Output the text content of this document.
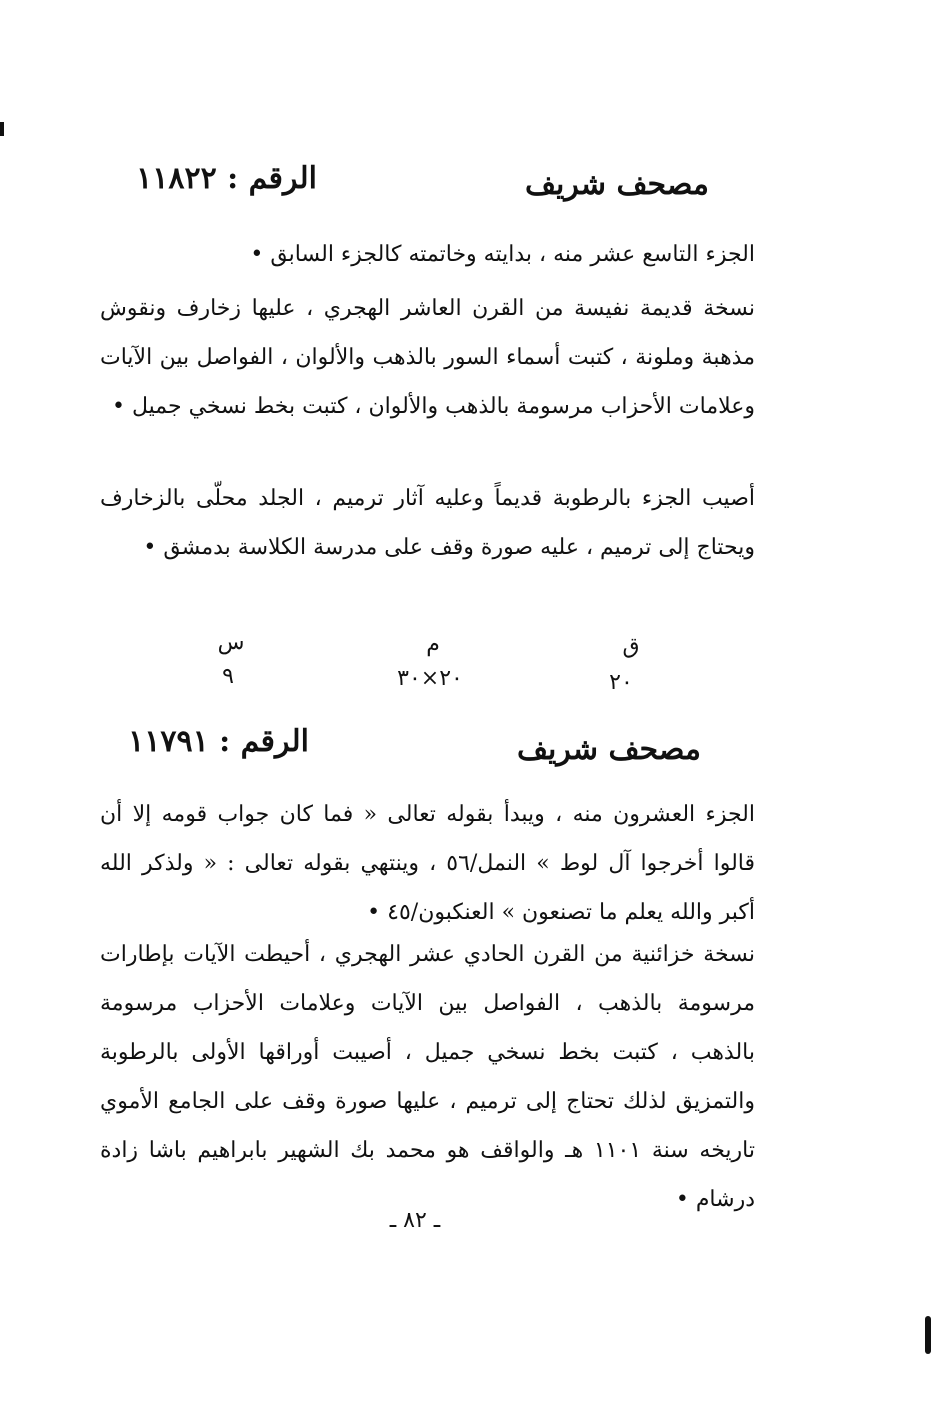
مصحف شريف
الرقم : ١١٨٢٢
الجزء التاسع عشر منه ، بدايته وخاتمته كالجزء السابق •
نسخة قديمة نفيسة من القرن العاشر الهجري ، عليها زخارف ونقوش مذهبة وملونة ، كتبت أسماء السور بالذهب والألوان ، الفواصل بين الآيات وعلامات الأحزاب مرسومة بالذهب والألوان ، كتبت بخط نسخي جميل •
أصيب الجزء بالرطوبة قديماً وعليه آثار ترميم ، الجلد محلّى بالزخارف ويحتاج إلى ترميم ، عليه صورة وقف على مدرسة الكلاسة بدمشق •
ق
م
س
٢٠
٢٠×٣٠
٩
مصحف شريف
الرقم : ١١٧٩١
الجزء العشرون منه ، ويبدأ بقوله تعالى « فما كان جواب قومه إلا أن قالوا أخرجوا آل لوط » النمل/٥٦ ، وينتهي بقوله تعالى : « ولذكر الله أكبر والله يعلم ما تصنعون » العنكبون/٤٥ •
نسخة خزائنية من القرن الحادي عشر الهجري ، أحيطت الآيات بإطارات مرسومة بالذهب ، الفواصل بين الآيات وعلامات الأحزاب مرسومة بالذهب ، كتبت بخط نسخي جميل ، أصيبت أوراقها الأولى بالرطوبة والتمزيق لذلك تحتاج إلى ترميم ، عليها صورة وقف على الجامع الأموي تاريخه سنة ١١٠١ هـ والواقف هو محمد بك الشهير بابراهيم باشا زادة درشام •
ـ ٨٢ ـ
